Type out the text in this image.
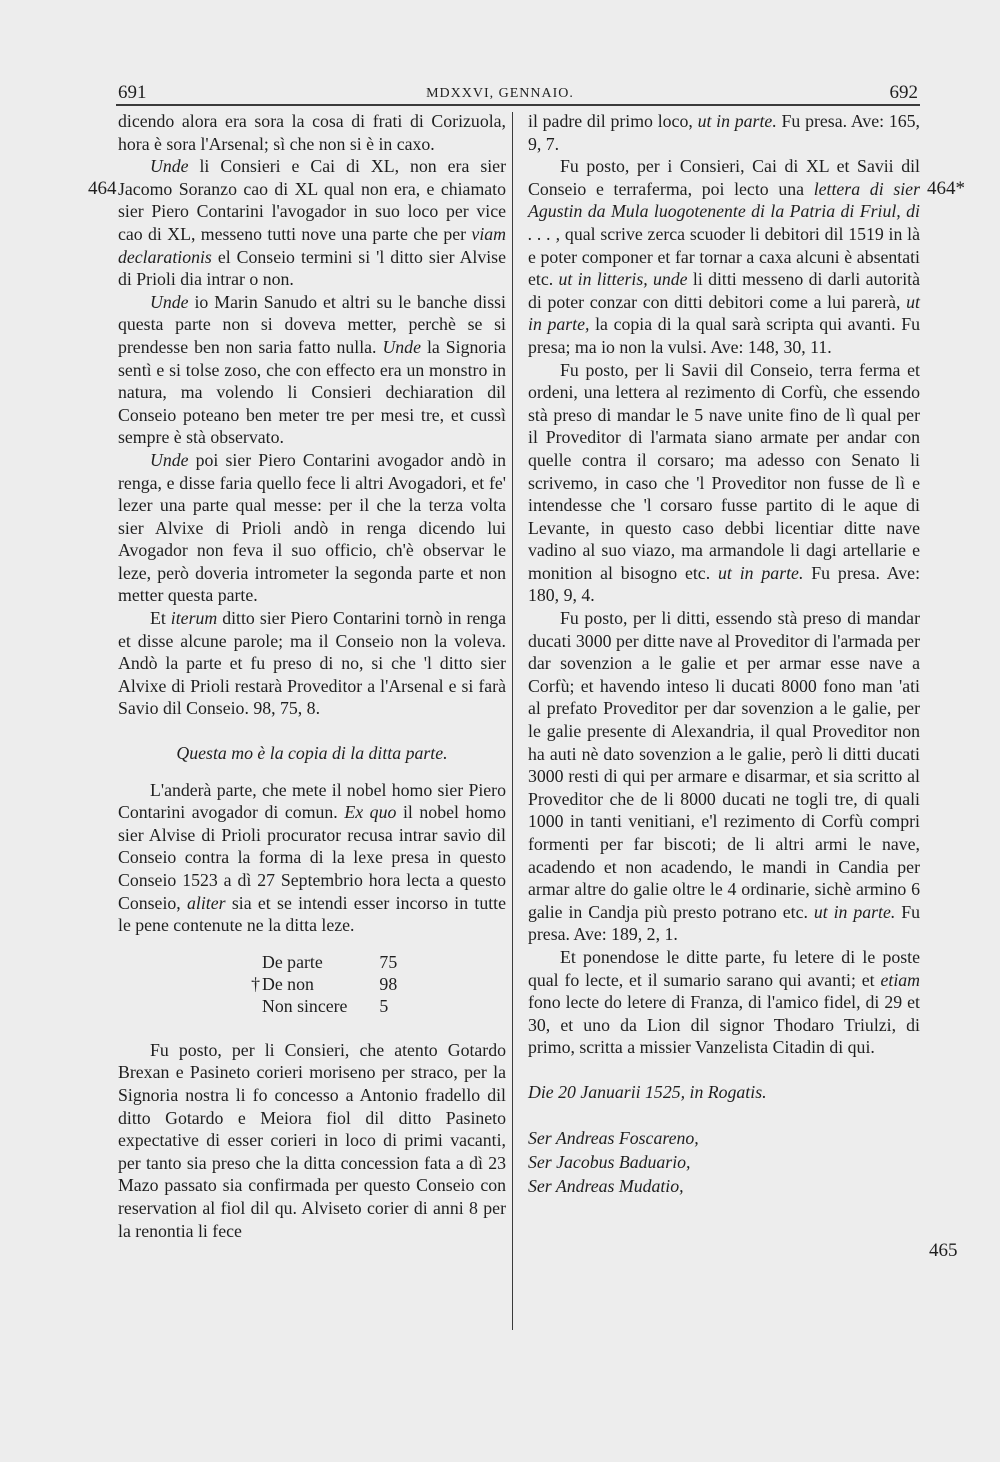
691	MDXXVI, GENNAIO.	692
464	464*
465

dicendo alora era sora la cosa di frati di Corizuola, hora è sora l'Arsenal; sì che non si è in caxo.

Unde li Consieri e Cai di XL, non era sier Jacomo Soranzo cao di XL qual non era, e chiamato sier Piero Contarini l'avogador in suo loco per vice cao di XL, messeno tutti nove una parte che per viam declarationis el Conseio termini si 'l ditto sier Alvise di Prioli dia intrar o non.

Unde io Marin Sanudo et altri su le banche dissi questa parte non si doveva metter, perchè se si prendesse ben non saria fatto nulla. Unde la Signoria sentì e si tolse zoso, che con effecto era un monstro in natura, ma volendo li Consieri dechiaration dil Conseio poteano ben meter tre per mesi tre, et cussì sempre è stà observato.

Unde poi sier Piero Contarini avogador andò in renga, e disse faria quello fece li altri Avogadori, et fe' lezer una parte qual messe: per il che la terza volta sier Alvixe di Prioli andò in renga dicendo lui Avogador non feva il suo officio, ch'è observar le leze, però doveria intrometer la segonda parte et non metter questa parte.

Et iterum ditto sier Piero Contarini tornò in renga et disse alcune parole; ma il Conseio non la voleva. Andò la parte et fu preso di no, si che 'l ditto sier Alvixe di Prioli restarà Proveditor a l'Arsenal e si farà Savio dil Conseio. 98, 75, 8.

Questa mo è la copia di la ditta parte.

L'anderà parte, che mete il nobel homo sier Piero Contarini avogador di comun. Ex quo il nobel homo sier Alvise di Prioli procurator recusa intrar savio dil Conseio contra la forma di la lexe presa in questo Conseio 1523 a dì 27 Septembrio hora lecta a questo Conseio, aliter sia et se intendi esser incorso in tutte le pene contenute ne la ditta leze.

	De parte	75
†	De non	98
	Non sincere	5

Fu posto, per li Consieri, che atento Gotardo Brexan e Pasineto corieri moriseno per straco, per la Signoria nostra li fo concesso a Antonio fradello dil ditto Gotardo e Meiora fiol dil ditto Pasineto expectative di esser corieri in loco di primi vacanti, per tanto sia preso che la ditta concession fata a dì 23 Mazo passato sia confirmada per questo Conseio con reservation al fiol dil qu. Alviseto corier di anni 8 per la renontia li fece

il padre dil primo loco, ut in parte. Fu presa. Ave: 165, 9, 7.

Fu posto, per i Consieri, Cai di XL et Savii dil Conseio e terraferma, poi lecto una lettera di sier Agustin da Mula luogotenente di la Patria di Friul, di . . . , qual scrive zerca scuoder li debitori dil 1519 in là e poter componer et far tornar a caxa alcuni è absentati etc. ut in litteris, unde li ditti messeno di darli autorità di poter conzar con ditti debitori come a lui parerà, ut in parte, la copia di la qual sarà scripta qui avanti. Fu presa; ma io non la vulsi. Ave: 148, 30, 11.

Fu posto, per li Savii dil Conseio, terra ferma et ordeni, una lettera al rezimento di Corfù, che essendo stà preso di mandar le 5 nave unite fino de lì qual per il Proveditor di l'armata siano armate per andar con quelle contra il corsaro; ma adesso con Senato li scrivemo, in caso che 'l Proveditor non fusse de lì e intendesse che 'l corsaro fusse partito di le aque di Levante, in questo caso debbi licentiar ditte nave vadino al suo viazo, ma armandole li dagi artellarie e monition al bisogno etc. ut in parte. Fu presa. Ave: 180, 9, 4.

Fu posto, per li ditti, essendo stà preso di mandar ducati 3000 per ditte nave al Proveditor di l'armada per dar sovenzion a le galie et per armar esse nave a Corfù; et havendo inteso li ducati 8000 fono man 'ati al prefato Proveditor per dar sovenzion a le galie, per le galie presente di Alexandria, il qual Proveditor non ha auti nè dato sovenzion a le galie, però li ditti ducati 3000 resti di qui per armare e disarmar, et sia scritto al Proveditor che de li 8000 ducati ne togli tre, di quali 1000 in tanti venitiani, e'l rezimento di Corfù compri formenti per far biscoti; de li altri armi le nave, acadendo et non acadendo, le mandi in Candia per armar altre do galie oltre le 4 ordinarie, sichè armino 6 galie in Candja più presto potrano etc. ut in parte. Fu presa. Ave: 189, 2, 1.

Et ponendose le ditte parte, fu letere di le poste qual fo lecte, et il sumario sarano qui avanti; et etiam fono lecte do letere di Franza, di l'amico fidel, di 29 et 30, et uno da Lion dil signor Thodaro Triulzi, di primo, scritta a missier Vanzelista Citadin di qui.

Die 20 Januarii 1525, in Rogatis.

Ser Andreas Foscareno,

Ser Jacobus Baduario,

Ser Andreas Mudatio,
